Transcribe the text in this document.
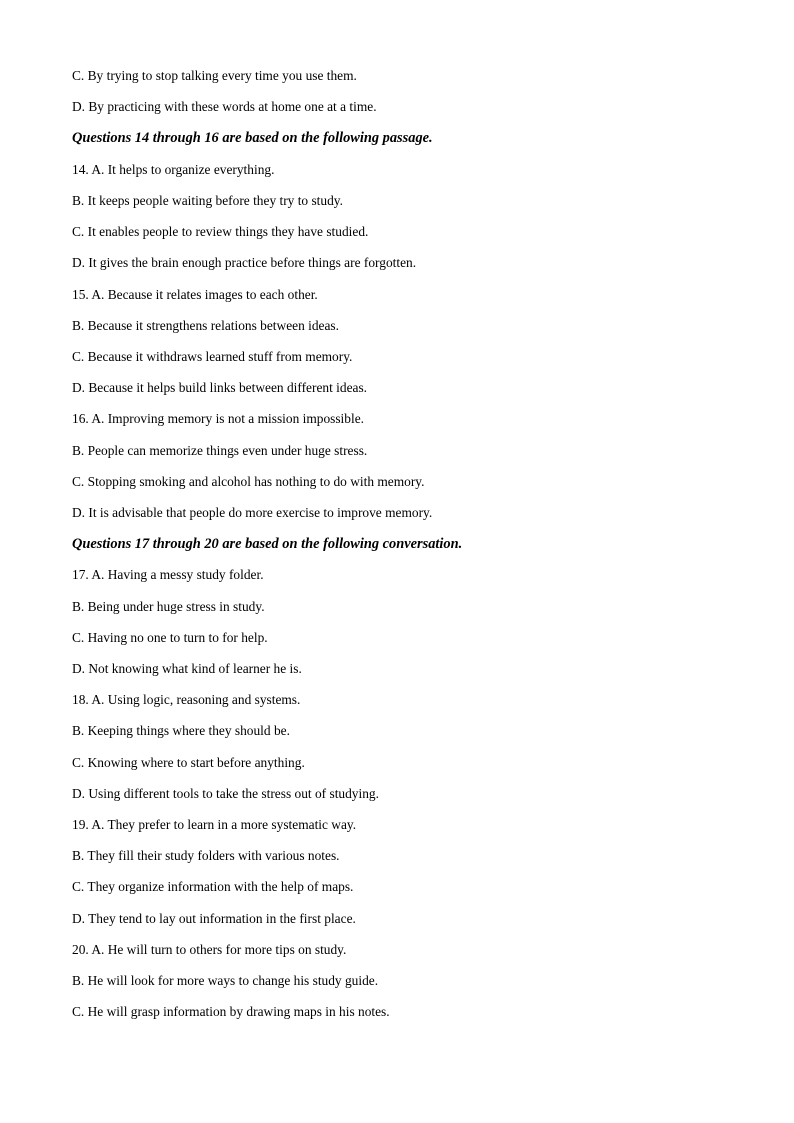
C. By trying to stop talking every time you use them.
D. By practicing with these words at home one at a time.
Questions 14 through 16 are based on the following passage.
14. A. It helps to organize everything.
B. It keeps people waiting before they try to study.
C. It enables people to review things they have studied.
D. It gives the brain enough practice before things are forgotten.
15. A. Because it relates images to each other.
B. Because it strengthens relations between ideas.
C. Because it withdraws learned stuff from memory.
D. Because it helps build links between different ideas.
16. A. Improving memory is not a mission impossible.
B. People can memorize things even under huge stress.
C. Stopping smoking and alcohol has nothing to do with memory.
D. It is advisable that people do more exercise to improve memory.
Questions 17 through 20 are based on the following conversation.
17. A. Having a messy study folder.
B. Being under huge stress in study.
C. Having no one to turn to for help.
D. Not knowing what kind of learner he is.
18. A. Using logic, reasoning and systems.
B. Keeping things where they should be.
C. Knowing where to start before anything.
D. Using different tools to take the stress out of studying.
19. A. They prefer to learn in a more systematic way.
B. They fill their study folders with various notes.
C. They organize information with the help of maps.
D. They tend to lay out information in the first place.
20. A. He will turn to others for more tips on study.
B. He will look for more ways to change his study guide.
C. He will grasp information by drawing maps in his notes.
